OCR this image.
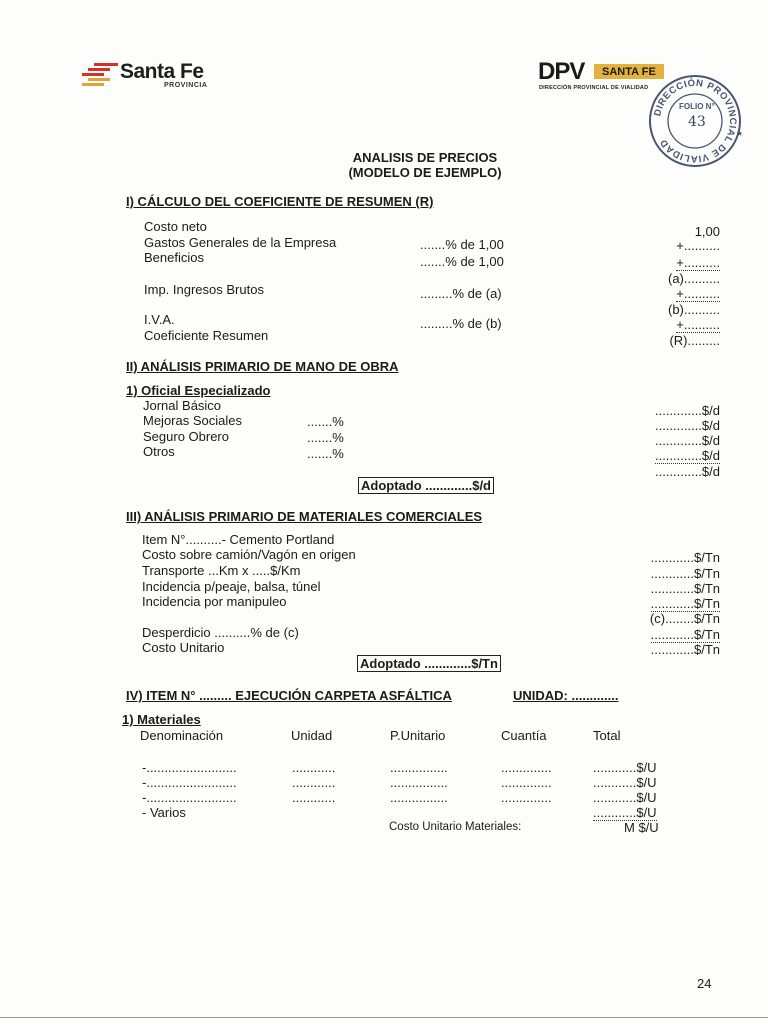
Santa Fe
PROVINCIA
DPV	SANTA FE
DIRECCIÓN PROVINCIAL DE VIALIDAD
DIRECCIÓN PROVINCIAL DE VIALIDAD
★
FOLIO N°
43
ANALISIS DE PRECIOS
(MODELO DE EJEMPLO)
I) CÁLCULO DEL COEFICIENTE DE RESUMEN (R)
Costo neto	1,00
Gastos Generales de la Empresa	.......% de 1,00	+..........
Beneficios	.......% de 1,00	+..........
(a)..........
Imp. Ingresos Brutos	.........% de (a)	+..........
(b)..........
I.V.A.	.........% de (b)	+..........
Coeficiente Resumen	(R).........
II) ANÁLISIS PRIMARIO DE MANO DE OBRA
1) Oficial Especializado
Jornal Básico	.............$/d
Mejoras Sociales	.......%	.............$/d
Seguro Obrero	.......%	.............$/d
Otros	.......%	.............$/d
.............$/d
Adoptado .............$/d
III) ANÁLISIS PRIMARIO DE MATERIALES COMERCIALES
Item N°..........- Cemento Portland
Costo sobre camión/Vagón en origen	............$/Tn
Transporte ...Km x .....$/Km	............$/Tn
Incidencia p/peaje, balsa, túnel	............$/Tn
Incidencia por manipuleo	............$/Tn
(c)........$/Tn
Desperdicio ..........% de (c)	............$/Tn
Costo Unitario	............$/Tn
Adoptado .............$/Tn
IV) ITEM N° ......... EJECUCIÓN CARPETA ASFÁLTICA	UNIDAD: .............
1) Materiales
Denominación	Unidad	P.Unitario	Cuantía	Total
-.........................	............	................	..............	............$/U
-.........................	............	................	..............	............$/U
-.........................	............	................	..............	............$/U
- Varios	............$/U
Costo Unitario Materiales:	M $/U
24
